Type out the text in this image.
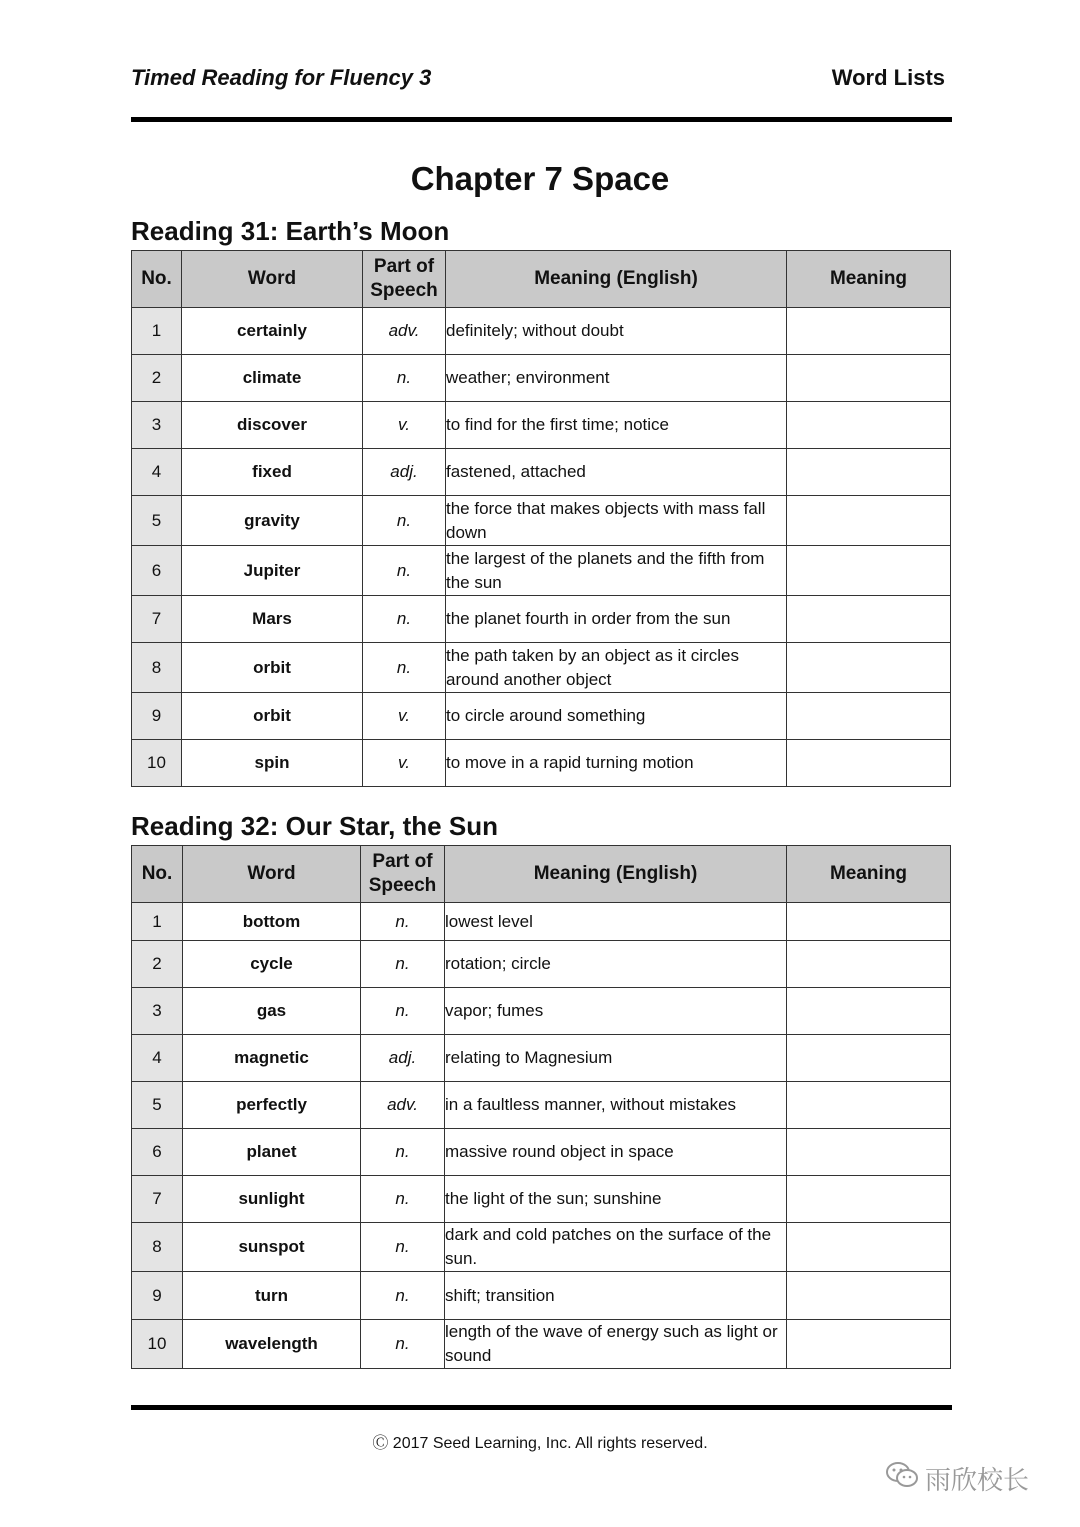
Timed Reading for Fluency 3	Word Lists
Chapter 7 Space
Reading 31: Earth’s Moon
No.	Word	Part of Speech	Meaning (English)	Meaning
1	certainly	adv.	definitely; without doubt	
2	climate	n.	weather; environment	
3	discover	v.	to find for the first time; notice	
4	fixed	adj.	fastened, attached	
5	gravity	n.	the force that makes objects with mass fall down	
6	Jupiter	n.	the largest of the planets and the fifth from the sun	
7	Mars	n.	the planet fourth in order from the sun	
8	orbit	n.	the path taken by an object as it circles around another object	
9	orbit	v.	to circle around something	
10	spin	v.	to move in a rapid turning motion	
Reading 32: Our Star, the Sun
No.	Word	Part of Speech	Meaning (English)	Meaning
1	bottom	n.	lowest level	
2	cycle	n.	rotation; circle	
3	gas	n.	vapor; fumes	
4	magnetic	adj.	relating to Magnesium	
5	perfectly	adv.	in a faultless manner, without mistakes	
6	planet	n.	massive round object in space	
7	sunlight	n.	the light of the sun; sunshine	
8	sunspot	n.	dark and cold patches on the surface of the sun.	
9	turn	n.	shift; transition	
10	wavelength	n.	length of the wave of energy such as light or sound	
Ⓒ 2017 Seed Learning, Inc. All rights reserved.
雨欣校长
